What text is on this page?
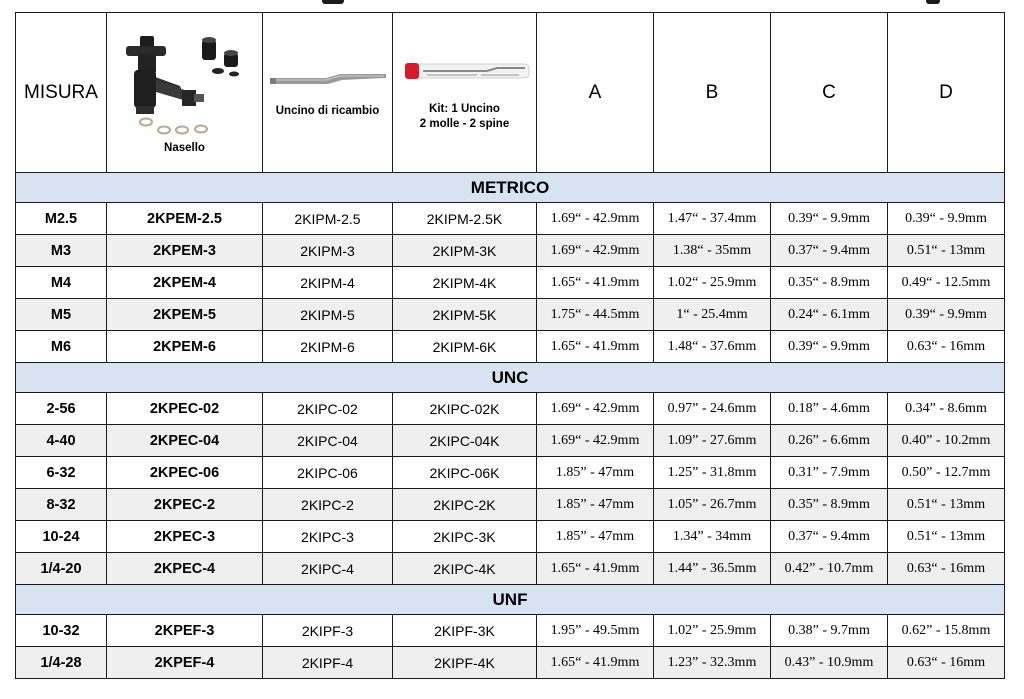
MISURA	Nasello	Uncino di ricambio	Kit: 1 Uncino
2 molle - 2 spine	A	B	C	D
METRICO							
M2.5	2KPEM-2.5	2KIPM-2.5	2KIPM-2.5K	1.69“ - 42.9mm	1.47“ - 37.4mm	0.39“ - 9.9mm	0.39“ - 9.9mm
M3	2KPEM-3	2KIPM-3	2KIPM-3K	1.69“ - 42.9mm	1.38“ - 35mm	0.37“ - 9.4mm	0.51“ - 13mm
M4	2KPEM-4	2KIPM-4	2KIPM-4K	1.65“ - 41.9mm	1.02“ - 25.9mm	0.35“ - 8.9mm	0.49“ - 12.5mm
M5	2KPEM-5	2KIPM-5	2KIPM-5K	1.75“ - 44.5mm	1“ - 25.4mm	0.24“ - 6.1mm	0.39“ - 9.9mm
M6	2KPEM-6	2KIPM-6	2KIPM-6K	1.65“ - 41.9mm	1.48“ - 37.6mm	0.39“ - 9.9mm	0.63“ - 16mm
UNC							
2-56	2KPEC-02	2KIPC-02	2KIPC-02K	1.69“ - 42.9mm	0.97” - 24.6mm	0.18” - 4.6mm	0.34” - 8.6mm
4-40	2KPEC-04	2KIPC-04	2KIPC-04K	1.69“ - 42.9mm	1.09” - 27.6mm	0.26” - 6.6mm	0.40” - 10.2mm
6-32	2KPEC-06	2KIPC-06	2KIPC-06K	1.85” - 47mm	1.25” - 31.8mm	0.31” - 7.9mm	0.50” - 12.7mm
8-32	2KPEC-2	2KIPC-2	2KIPC-2K	1.85” - 47mm	1.05” - 26.7mm	0.35” - 8.9mm	0.51“ - 13mm
10-24	2KPEC-3	2KIPC-3	2KIPC-3K	1.85” - 47mm	1.34” - 34mm	0.37“ - 9.4mm	0.51“ - 13mm
1/4-20	2KPEC-4	2KIPC-4	2KIPC-4K	1.65“ - 41.9mm	1.44” - 36.5mm	0.42” - 10.7mm	0.63“ - 16mm
UNF							
10-32	2KPEF-3	2KIPF-3	2KIPF-3K	1.95” - 49.5mm	1.02” - 25.9mm	0.38” - 9.7mm	0.62” - 15.8mm
1/4-28	2KPEF-4	2KIPF-4	2KIPF-4K	1.65“ - 41.9mm	1.23” - 32.3mm	0.43” - 10.9mm	0.63“ - 16mm
